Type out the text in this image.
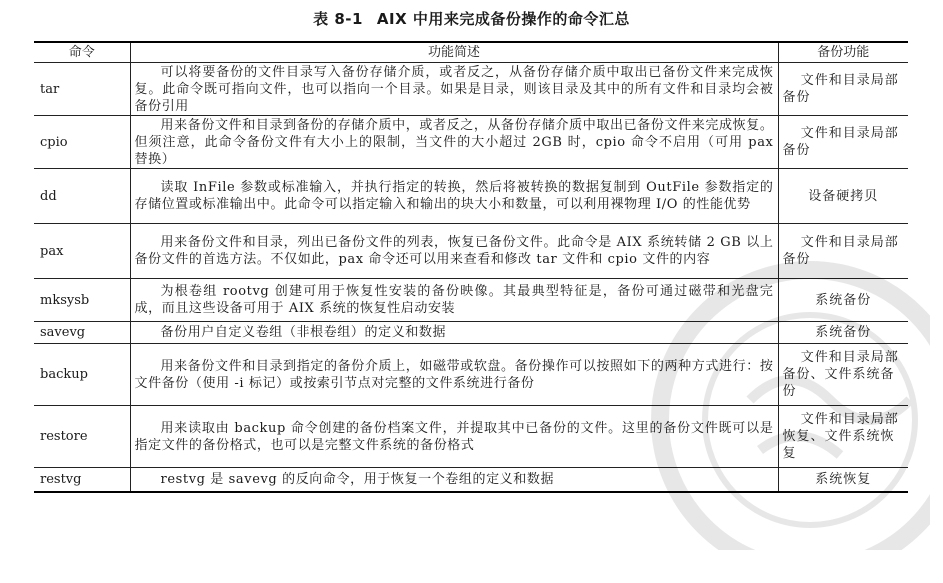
表 8-1 AIX 中用来完成备份操作的命令汇总
命令	功能简述	备份功能
tar	可以将要备份的文件目录写入备份存储介质，或者反之，从备份存储介质中取出已备份文件来完成恢复。此命令既可指向文件，也可以指向一个目录。如果是目录，则该目录及其中的所有文件和目录均会被备份引用	文件和目录局部备份
cpio	用来备份文件和目录到备份的存储介质中，或者反之，从备份存储介质中取出已备份文件来完成恢复。但须注意，此命令备份文件有大小上的限制，当文件的大小超过 2GB 时，cpio 命令不启用（可用 pax 替换）	文件和目录局部备份
dd	读取 InFile 参数或标准输入，并执行指定的转换，然后将被转换的数据复制到 OutFile 参数指定的存储位置或标准输出中。此命令可以指定输入和输出的块大小和数量，可以利用裸物理 I/O 的性能优势	设备硬拷贝
pax	用来备份文件和目录，列出已备份文件的列表，恢复已备份文件。此命令是 AIX 系统转储 2 GB 以上备份文件的首选方法。不仅如此，pax 命令还可以用来查看和修改 tar 文件和 cpio 文件的内容	文件和目录局部备份
mksysb	为根卷组 rootvg 创建可用于恢复性安装的备份映像。其最典型特征是，备份可通过磁带和光盘完成，而且这些设备可用于 AIX 系统的恢复性启动安装	系统备份
savevg	备份用户自定义卷组（非根卷组）的定义和数据	系统备份
backup	用来备份文件和目录到指定的备份介质上，如磁带或软盘。备份操作可以按照如下的两种方式进行：按文件备份（使用 -i 标记）或按索引节点对完整的文件系统进行备份	文件和目录局部备份、文件系统备份
restore	用来读取由 backup 命令创建的备份档案文件，并提取其中已备份的文件。这里的备份文件既可以是指定文件的备份格式，也可以是完整文件系统的备份格式	文件和目录局部恢复、文件系统恢复
restvg	restvg 是 savevg 的反向命令，用于恢复一个卷组的定义和数据	系统恢复
